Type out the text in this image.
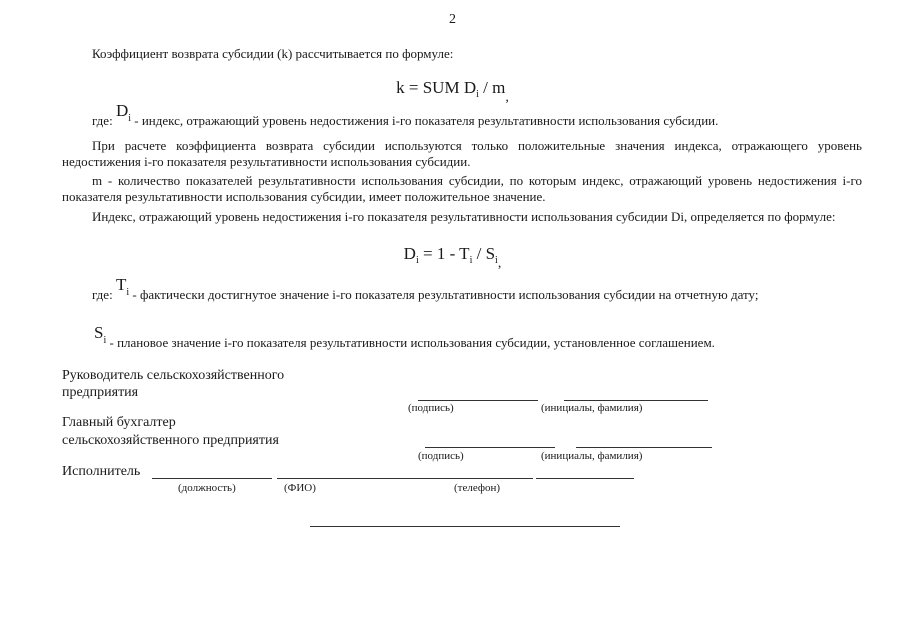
2
Коэффициент возврата субсидии (k) рассчитывается по формуле:
k = SUM $D_i / m_,$
где: $D^i$ - индекс, отражающий уровень недостижения i-го показателя результативности использования субсидии.
При расчете коэффициента возврата субсидии используются только положительные значения индекса, отражающего уровень недостижения i-го показателя результативности использования субсидии.
m - количество показателей результативности использования субсидии, по которым индекс, отражающий уровень недостижения i-го показателя результативности использования субсидии, имеет положительное значение.
Индекс, отражающий уровень недостижения i-го показателя результативности использования субсидии Di, определяется по формуле:
$D_i = 1 - T_i / S_{i,}$
где: $T^i$ - фактически достигнутое значение i-го показателя результативности использования субсидии на отчетную дату;
$S^i$ - плановое значение i-го показателя результативности использования субсидии, установленное соглашением.
Руководитель сельскохозяйственного
предприятия
(подпись)	(инициалы, фамилия)
Главный бухгалтер
сельскохозяйственного предприятия
(подпись)	(инициалы, фамилия)
Исполнитель
(должность)	(ФИО)	(телефон)
